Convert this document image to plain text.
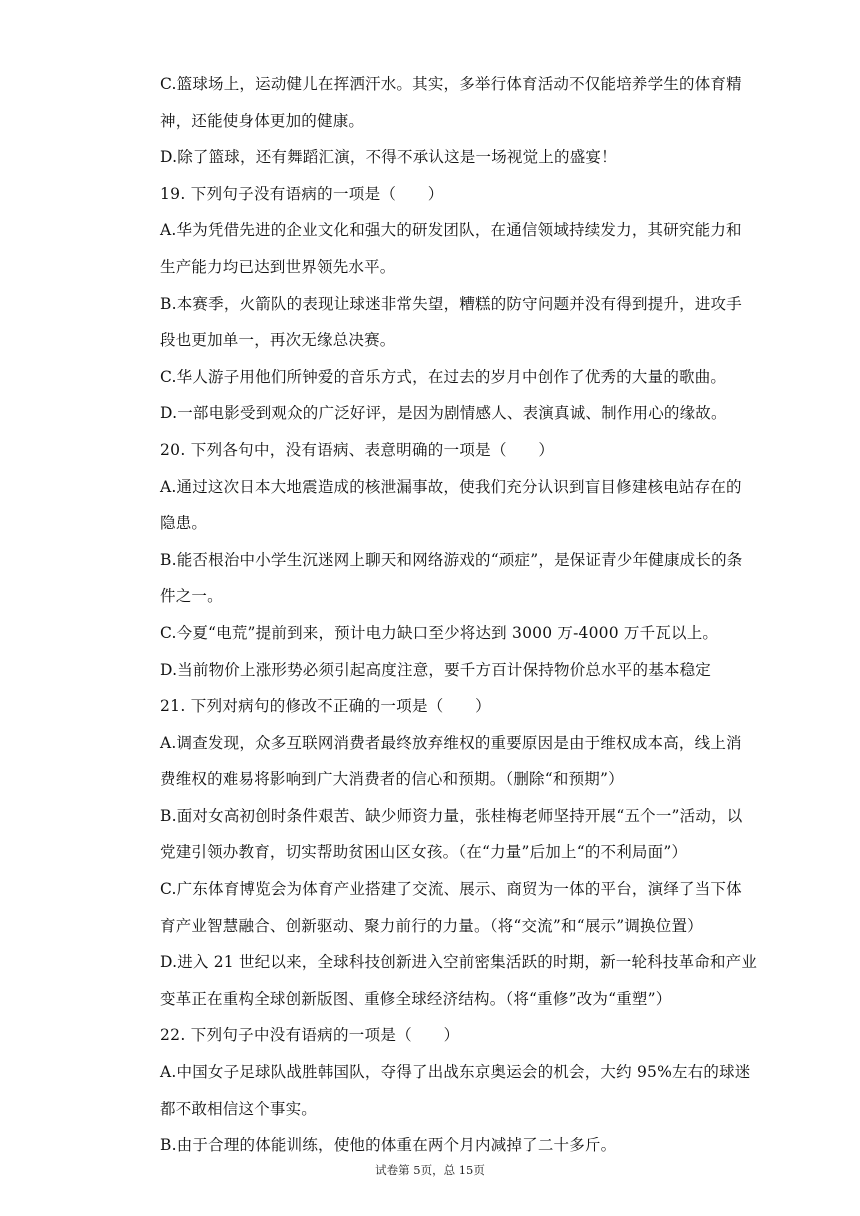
C.篮球场上，运动健儿在挥洒汗水。其实，多举行体育活动不仅能培养学生的体育精
神，还能使身体更加的健康。
D.除了篮球，还有舞蹈汇演，不得不承认这是一场视觉上的盛宴！
19. 下列句子没有语病的一项是（　　）
A.华为凭借先进的企业文化和强大的研发团队，在通信领域持续发力，其研究能力和
生产能力均已达到世界领先水平。
B.本赛季，火箭队的表现让球迷非常失望，糟糕的防守问题并没有得到提升，进攻手
段也更加单一，再次无缘总决赛。
C.华人游子用他们所钟爱的音乐方式，在过去的岁月中创作了优秀的大量的歌曲。
D.一部电影受到观众的广泛好评，是因为剧情感人、表演真诚、制作用心的缘故。
20. 下列各句中，没有语病、表意明确的一项是（　　）
A.通过这次日本大地震造成的核泄漏事故，使我们充分认识到盲目修建核电站存在的
隐患。
B.能否根治中小学生沉迷网上聊天和网络游戏的“顽症”，是保证青少年健康成长的条
件之一。
C.今夏“电荒”提前到来，预计电力缺口至少将达到 3000 万-4000 万千瓦以上。
D.当前物价上涨形势必须引起高度注意，要千方百计保持物价总水平的基本稳定
21. 下列对病句的修改不正确的一项是（　　）
A.调查发现，众多互联网消费者最终放弃维权的重要原因是由于维权成本高，线上消
费维权的难易将影响到广大消费者的信心和预期。（删除“和预期”）
B.面对女高初创时条件艰苦、缺少师资力量，张桂梅老师坚持开展“五个一”活动，以
党建引领办教育，切实帮助贫困山区女孩。（在“力量”后加上“的不利局面”）
C.广东体育博览会为体育产业搭建了交流、展示、商贸为一体的平台，演绎了当下体
育产业智慧融合、创新驱动、聚力前行的力量。（将“交流”和“展示”调换位置）
D.进入 21 世纪以来，全球科技创新进入空前密集活跃的时期，新一轮科技革命和产业
变革正在重构全球创新版图、重修全球经济结构。（将“重修”改为“重塑”）
22. 下列句子中没有语病的一项是（　　）
A.中国女子足球队战胜韩国队，夺得了出战东京奥运会的机会，大约 95%左右的球迷
都不敢相信这个事实。
B.由于合理的体能训练，使他的体重在两个月内减掉了二十多斤。
试卷第 5页，总 15页
